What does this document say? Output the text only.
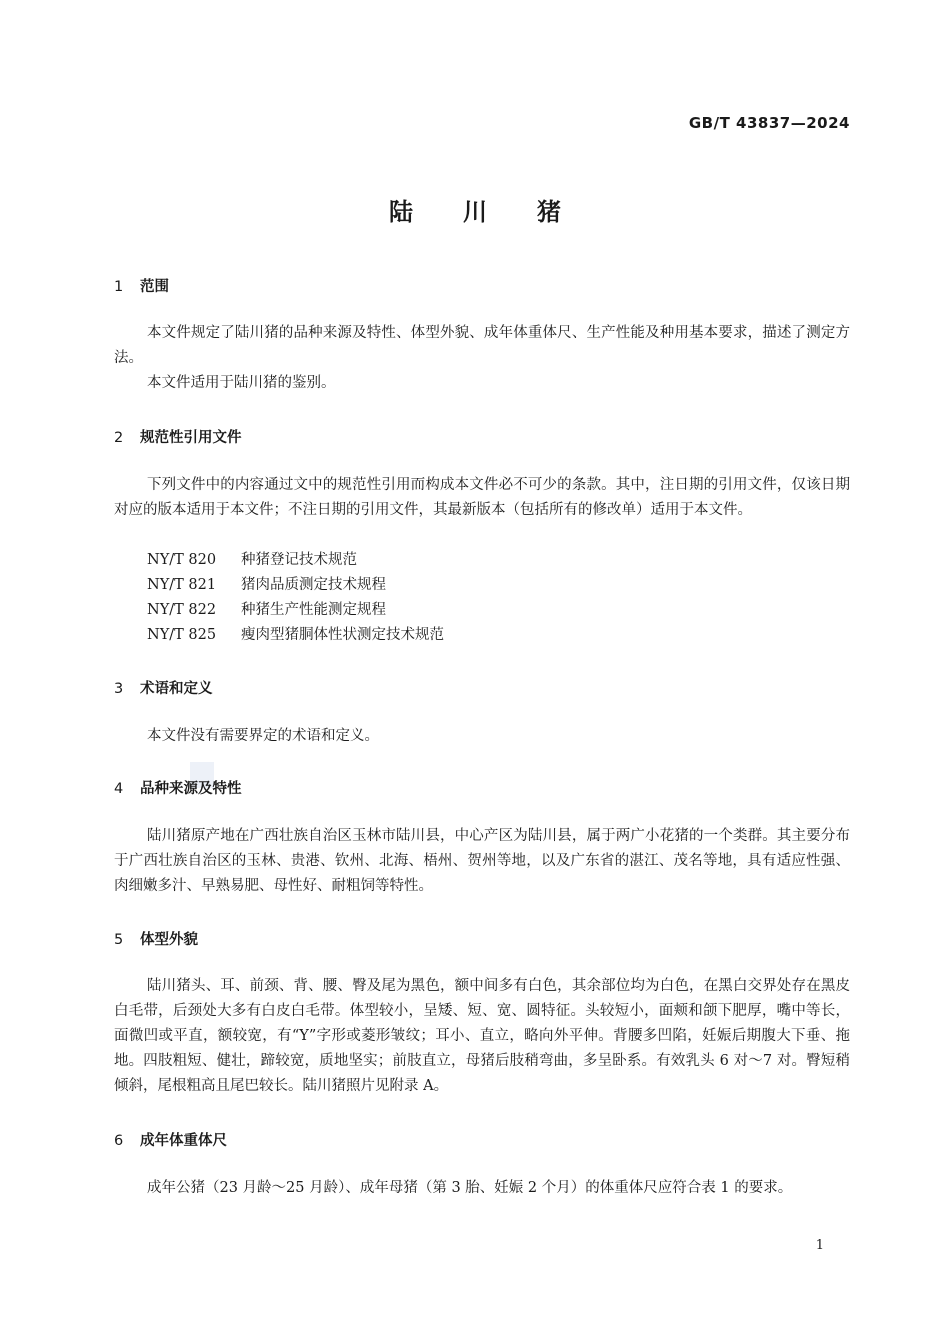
GB/T 43837—2024
陆川猪
1 范围
本文件规定了陆川猪的品种来源及特性、体型外貌、成年体重体尺、生产性能及种用基本要求，描述了测定方法。
本文件适用于陆川猪的鉴别。
2 规范性引用文件
下列文件中的内容通过文中的规范性引用而构成本文件必不可少的条款。其中，注日期的引用文件，仅该日期对应的版本适用于本文件；不注日期的引用文件，其最新版本（包括所有的修改单）适用于本文件。
NY/T 820 种猪登记技术规范
NY/T 821 猪肉品质测定技术规程
NY/T 822 种猪生产性能测定规程
NY/T 825 瘦肉型猪胴体性状测定技术规范
3 术语和定义
本文件没有需要界定的术语和定义。
4 品种来源及特性
陆川猪原产地在广西壮族自治区玉林市陆川县，中心产区为陆川县，属于两广小花猪的一个类群。其主要分布于广西壮族自治区的玉林、贵港、钦州、北海、梧州、贺州等地，以及广东省的湛江、茂名等地，具有适应性强、肉细嫩多汁、早熟易肥、母性好、耐粗饲等特性。
5 体型外貌
陆川猪头、耳、前颈、背、腰、臀及尾为黑色，额中间多有白色，其余部位均为白色，在黑白交界处存在黑皮白毛带，后颈处大多有白皮白毛带。体型较小，呈矮、短、宽、圆特征。头较短小，面颊和颌下肥厚，嘴中等长，面微凹或平直，额较宽，有“Y”字形或菱形皱纹；耳小、直立，略向外平伸。背腰多凹陷，妊娠后期腹大下垂、拖地。四肢粗短、健壮，蹄较宽，质地坚实；前肢直立，母猪后肢稍弯曲，多呈卧系。有效乳头 6 对～7 对。臀短稍倾斜，尾根粗高且尾巴较长。陆川猪照片见附录 A。
6 成年体重体尺
成年公猪（23 月龄～25 月龄）、成年母猪（第 3 胎、妊娠 2 个月）的体重体尺应符合表 1 的要求。
1
